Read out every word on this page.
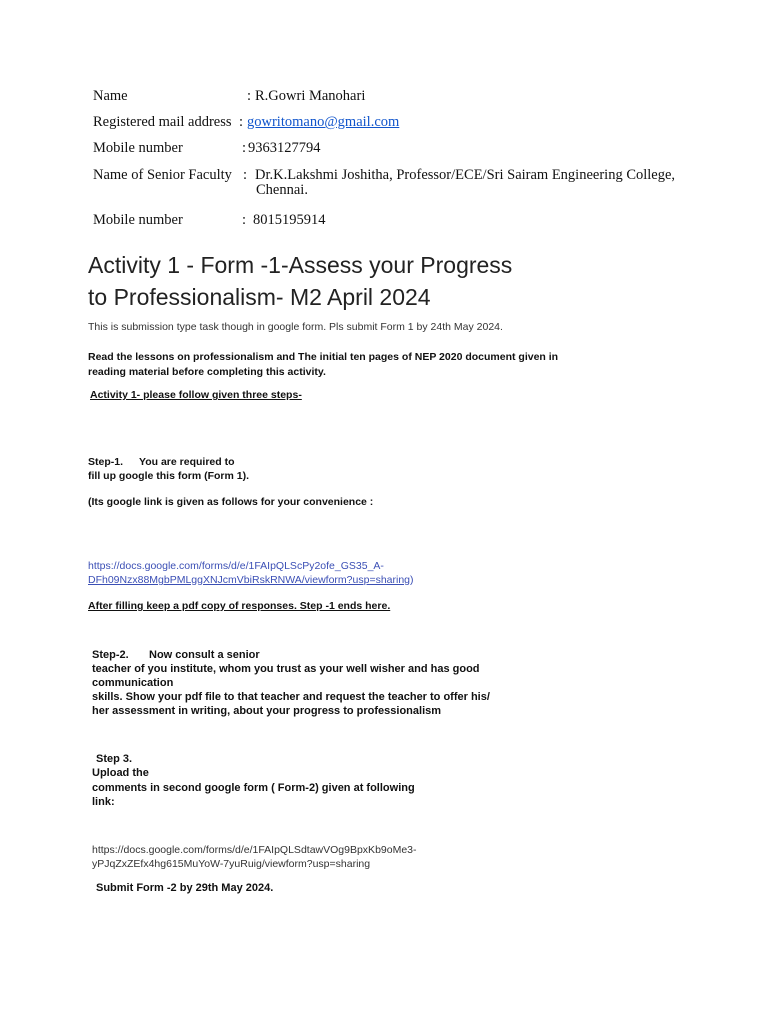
Name	: R.Gowri Manohari
Registered mail address : gowritomano@gmail.com
Mobile number	: 9363127794
Name of Senior Faculty : Dr.K.Lakshmi Joshitha, Professor/ECE/Sri Sairam Engineering College,
Chennai.
Mobile number	: 8015195914
Activity 1 - Form -1-Assess your Progress
to Professionalism- M2 April 2024
This is submission type task though in google form. Pls submit Form 1 by 24th May 2024.
Read the lessons on professionalism and The initial ten pages of NEP 2020 document given in
reading material before completing this activity.
Activity 1- please follow given three steps-
Step-1. You are required to
fill up google this form (Form 1).
(Its google link is given as follows for your convenience :
https://docs.google.com/forms/d/e/1FAIpQLScPy2ofe_GS35_A-
DFh09Nzx88MgbPMLggXNJcmVbiRskRNWA/viewform?usp=sharing)
After filling keep a pdf copy of responses. Step -1 ends here.
Step-2. Now consult a senior
teacher of you institute, whom you trust as your well wisher and has good
communication
skills. Show your pdf file to that teacher and request the teacher to offer his/
her assessment in writing, about your progress to professionalism
Step 3.
Upload the
comments in second google form ( Form-2) given at following
link:
https://docs.google.com/forms/d/e/1FAIpQLSdtawVOg9BpxKb9oMe3-
yPJqZxZEfx4hg615MuYoW-7yuRuig/viewform?usp=sharing
Submit Form -2 by 29th May 2024.
